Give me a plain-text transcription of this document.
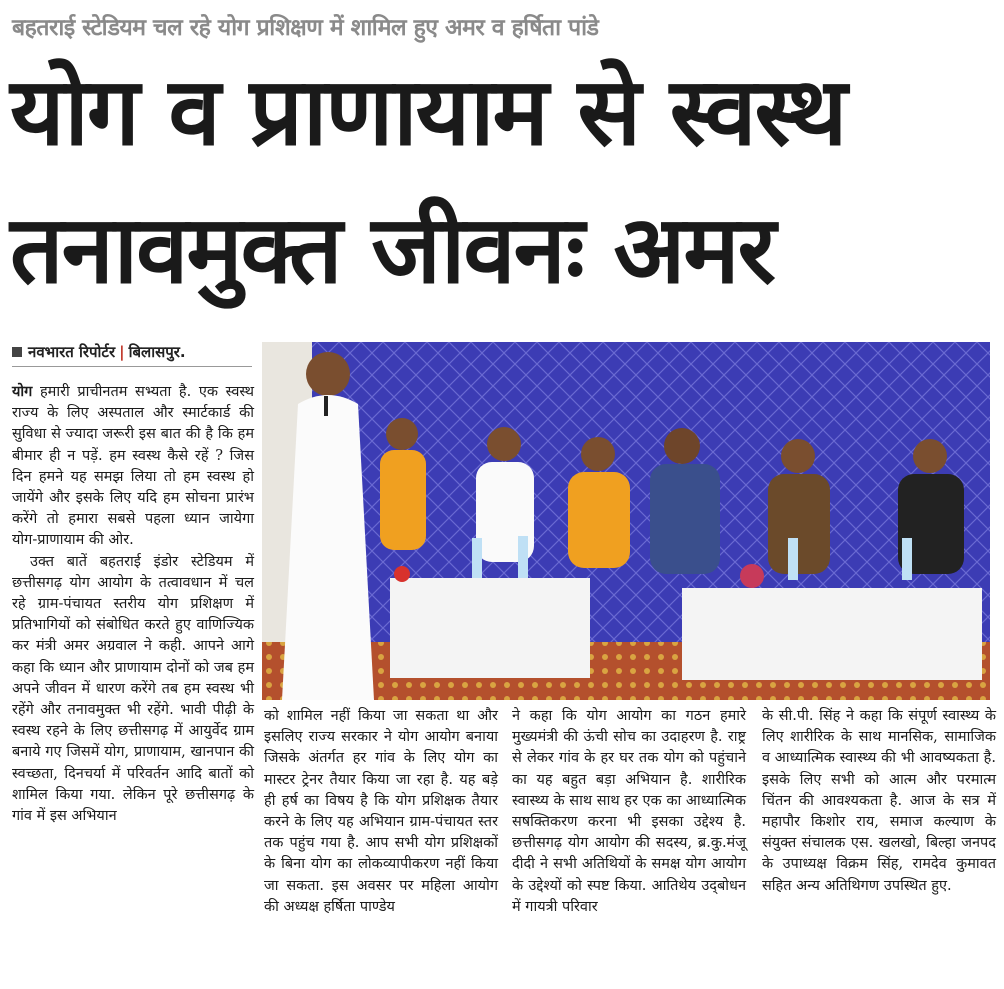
बहतराई स्टेडियम चल रहे योग प्रशिक्षण में शामिल हुए अमर व हर्षिता पांडे
योग व प्राणायाम से स्वस्थ
तनावमुक्त जीवनः अमर
नवभारत रिपोर्टर | बिलासपुर.

योग हमारी प्राचीनतम सभ्यता है. एक स्वस्थ राज्य के लिए अस्पताल और स्मार्टकार्ड की सुविधा से ज्यादा जरूरी इस बात की है कि हम बीमार ही न पड़ें. हम स्वस्थ कैसे रहें ? जिस दिन हमने यह समझ लिया तो हम स्वस्थ हो जायेंगे और इसके लिए यदि हम सोचना प्रारंभ करेंगे तो हमारा सबसे पहला ध्यान जायेगा योग-प्राणायाम की ओर.

उक्त बातें बहतराई इंडोर स्टेडियम में छत्तीसगढ़ योग आयोग के तत्वावधान में चल रहे ग्राम-पंचायत स्तरीय योग प्रशिक्षण में प्रतिभागियों को संबोधित करते हुए वाणिज्यिक कर मंत्री अमर अग्रवाल ने कही. आपने आगे कहा कि ध्यान और प्राणायाम दोनों को जब हम अपने जीवन में धारण करेंगे तब हम स्वस्थ भी रहेंगे और तनावमुक्त भी रहेंगे. भावी पीढ़ी के स्वस्थ रहने के लिए छत्तीसगढ़ में आयुर्वेद ग्राम बनाये गए जिसमें योग, प्राणायाम, खानपान की स्वच्छता, दिनचर्या में परिवर्तन आदि बातों को शामिल किया गया. लेकिन पूरे छत्तीसगढ़ के गांव में इस अभियान

को शामिल नहीं किया जा सकता था और इसलिए राज्य सरकार ने योग आयोग बनाया जिसके अंतर्गत हर गांव के लिए योग का मास्टर ट्रेनर तैयार किया जा रहा है. यह बड़े ही हर्ष का विषय है कि योग प्रशिक्षक तैयार करने के लिए यह अभियान ग्राम-पंचायत स्तर तक पहुंच गया है. आप सभी योग प्रशिक्षकों के बिना योग का लोकव्यापीकरण नहीं किया जा सकता. इस अवसर पर महिला आयोग की अध्यक्ष हर्षिता पाण्डेय
ने कहा कि योग आयोग का गठन हमारे मुख्यमंत्री की ऊंची सोच का उदाहरण है. राष्ट्र से लेकर गांव के हर घर तक योग को पहुंचाने का यह बहुत बड़ा अभियान है. शारीरिक स्वास्थ्य के साथ साथ हर एक का आध्यात्मिक सषक्तिकरण करना भी इसका उद्देश्य है. छत्तीसगढ़ योग आयोग की सदस्य, ब्र.कु.मंजू दीदी ने सभी अतिथियों के समक्ष योग आयोग के उद्देश्यों को स्पष्ट किया. आतिथेय उद्‍बोधन में गायत्री परिवार
के सी.पी. सिंह ने कहा कि संपूर्ण स्वास्थ्य के लिए शारीरिक के साथ मानसिक, सामाजिक व आध्यात्मिक स्वास्थ्य की भी आवष्यकता है. इसके लिए सभी को आत्म और परमात्म चिंतन की आवश्यकता है. आज के सत्र में महापौर किशोर राय, समाज कल्याण के संयुक्त संचालक एस. खलखो, बिल्हा जनपद के उपाध्यक्ष विक्रम सिंह, रामदेव कुमावत सहित अन्य अतिथिगण उपस्थित हुए.
